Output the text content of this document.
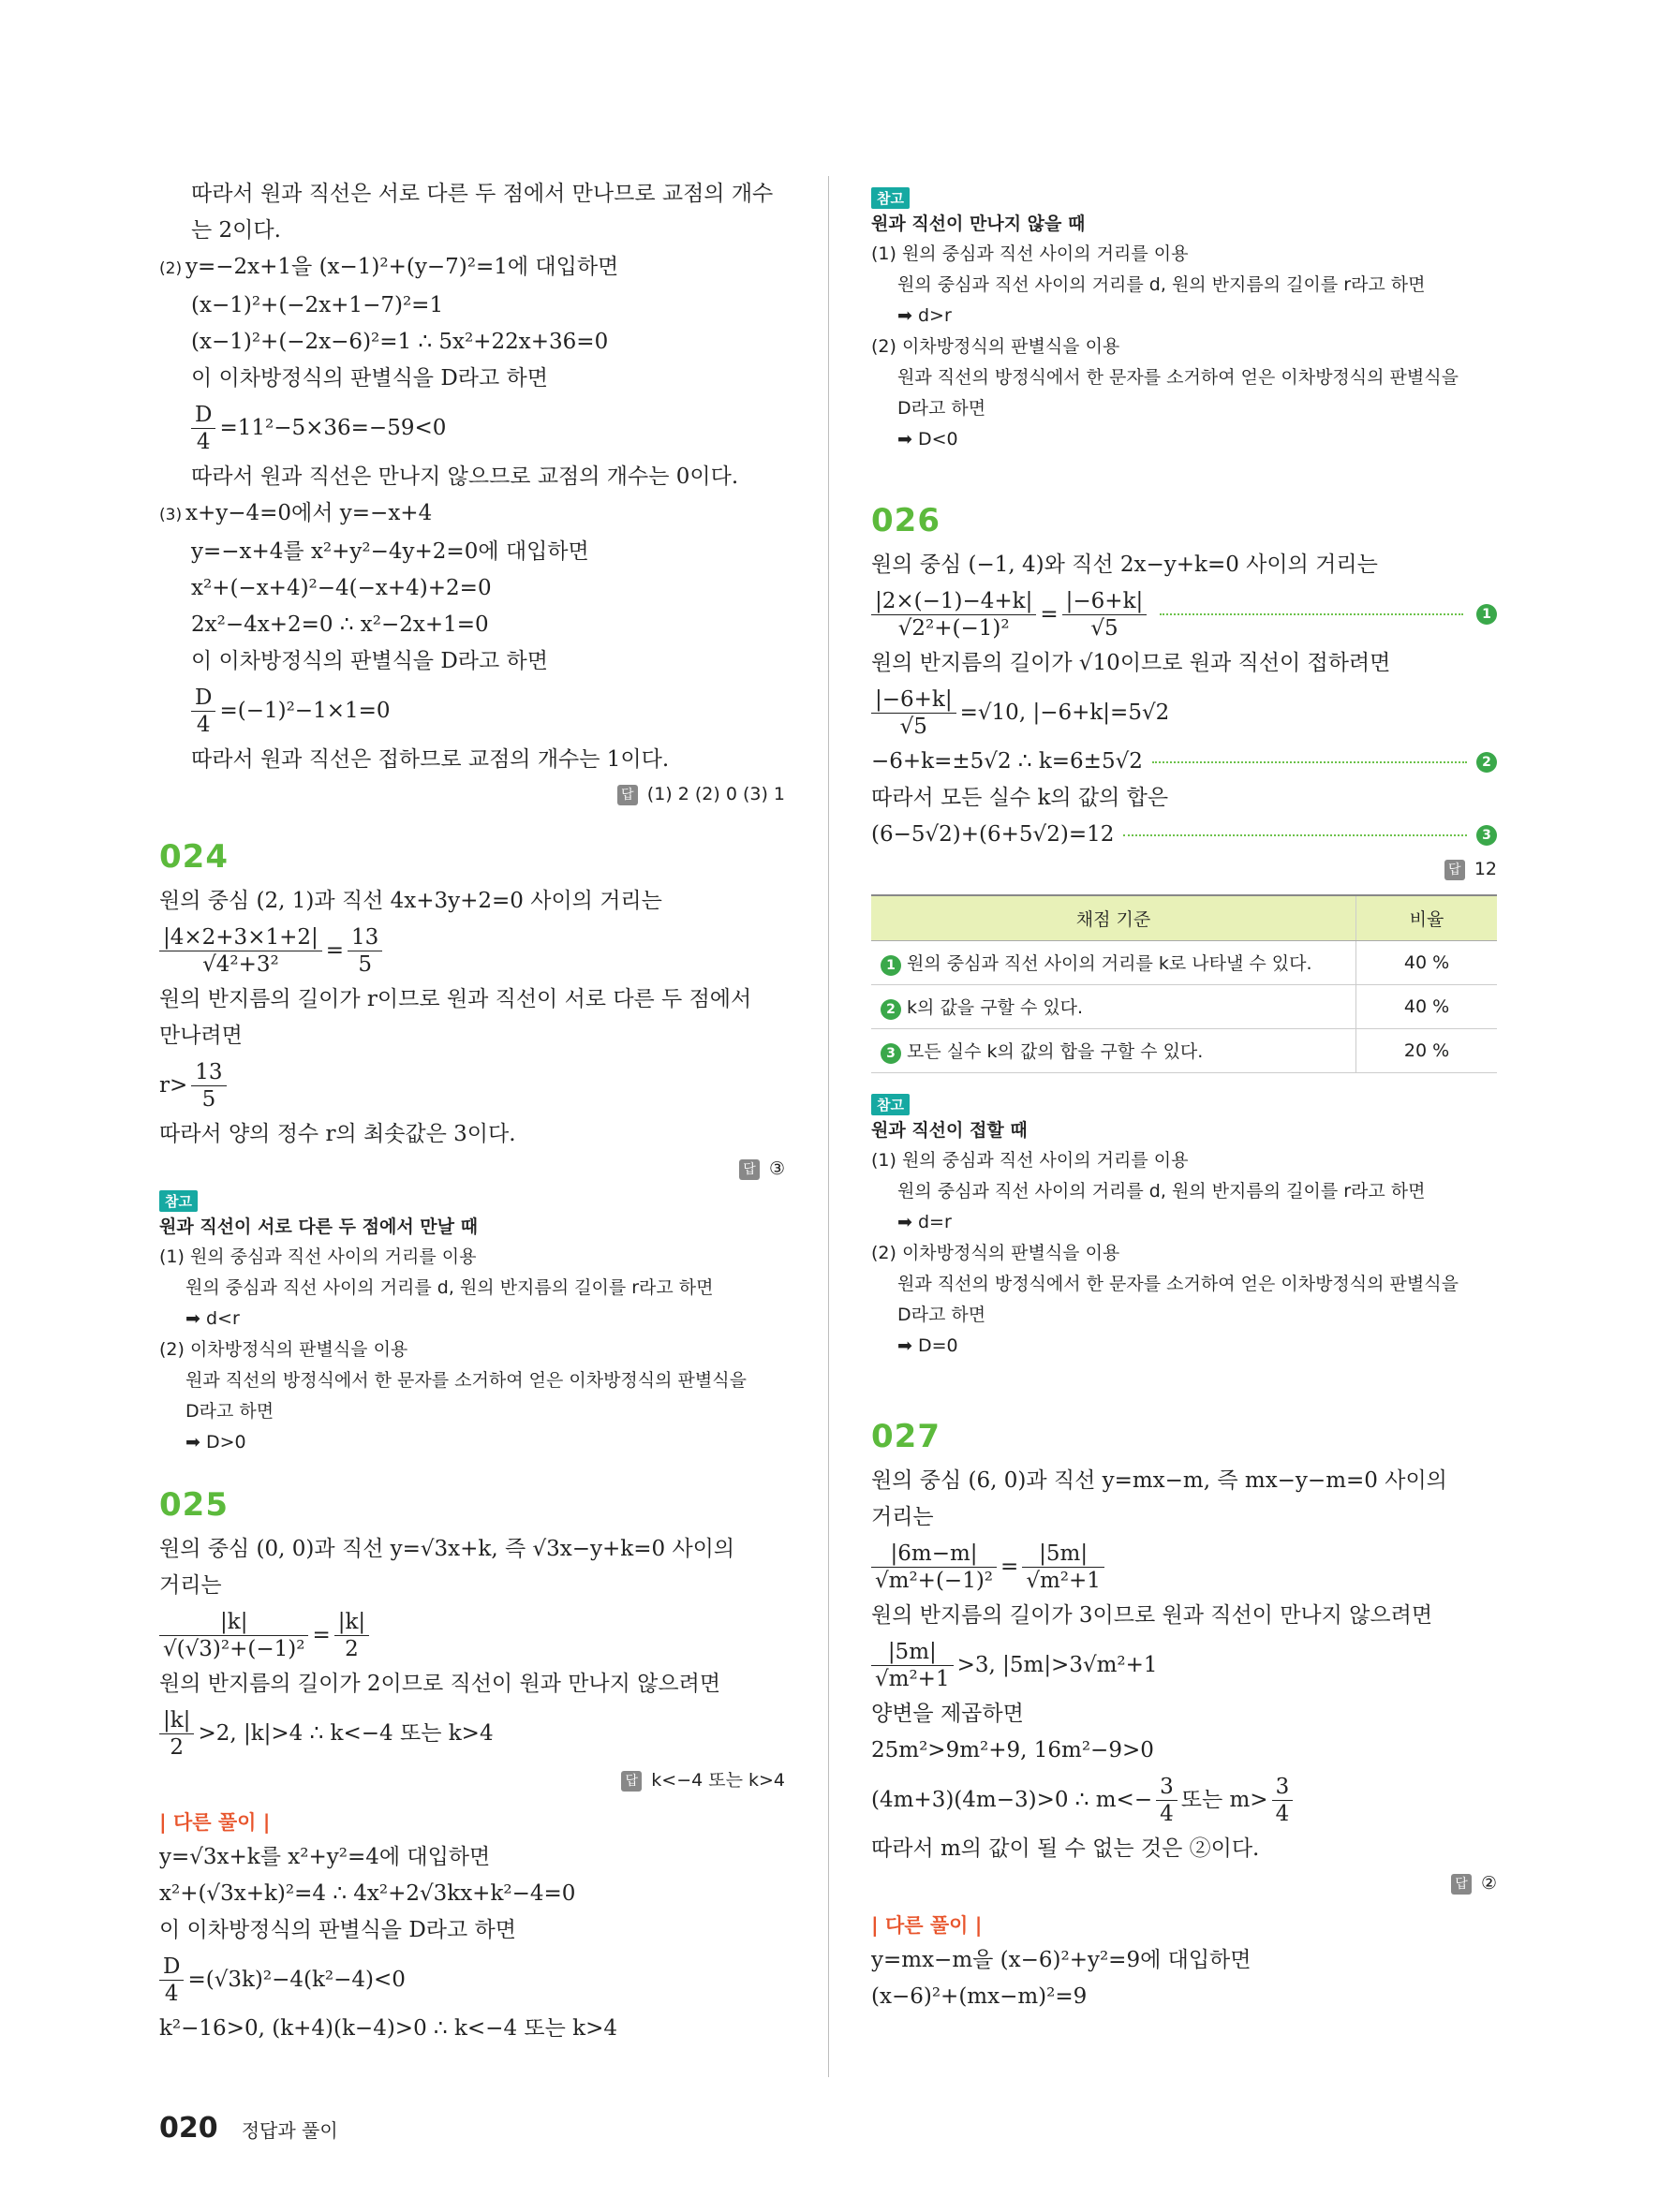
따라서 원과 직선은 서로 다른 두 점에서 만나므로 교점의 개수
는 2이다.
(2) y=−2x+1을 (x−1)²+(y−7)²=1에 대입하면
(x−1)²+(−2x+1−7)²=1
(x−1)²+(−2x−6)²=1 ∴ 5x²+22x+36=0
이 이차방정식의 판별식을 D라고 하면
$\frac{D}{4} =11^2-5\times 36=-59<0$
따라서 원과 직선은 만나지 않으므로 교점의 개수는 0이다.
(3) x+y−4=0에서 y=−x+4
y=−x+4를 x²+y²−4y+2=0에 대입하면
x²+(−x+4)²−4(−x+4)+2=0
2x²−4x+2=0 ∴ x²−2x+1=0
이 이차방정식의 판별식을 D라고 하면
$\frac{D}{4} =(-1)^2-1\times 1=0$
따라서 원과 직선은 접하므로 교점의 개수는 1이다.
답 (1) 2 (2) 0 (3) 1
024
원의 중심 (2, 1)과 직선 4x+3y+2=0 사이의 거리는
$\frac{|4\times 2+3\times 1+2|}{\text{√4²+3²}} = \frac{13}{5}$
원의 반지름의 길이가 r이므로 원과 직선이 서로 다른 두 점에서
만나려면
$r> \frac{13}{5}$
따라서 양의 정수 r의 최솟값은 3이다.
답 ③
참고
원과 직선이 서로 다른 두 점에서 만날 때
(1) 원의 중심과 직선 사이의 거리를 이용
원의 중심과 직선 사이의 거리를 d, 원의 반지름의 길이를 r라고 하면
➡ d<r
(2) 이차방정식의 판별식을 이용
원과 직선의 방정식에서 한 문자를 소거하여 얻은 이차방정식의 판별식을
D라고 하면
➡ D>0
025
원의 중심 (0, 0)과 직선 y=√3x+k, 즉 √3x−y+k=0 사이의
거리는
$\frac{|k|}{\text{√(√3)²+(−1)²}} = \frac{|k|}{2}$
원의 반지름의 길이가 2이므로 직선이 원과 만나지 않으려면
$\frac{|k|}{2} >2$, |k|>4 ∴ k<−4 또는 k>4
답 k<−4 또는 k>4
| 다른 풀이 |
y=√3x+k를 x²+y²=4에 대입하면
x²+(√3x+k)²=4 ∴ 4x²+2√3kx+k²−4=0
이 이차방정식의 판별식을 D라고 하면
$\frac{D}{4} =(√3k)^2-4(k^2-4)<0$
k²−16>0, (k+4)(k−4)>0 ∴ k<−4 또는 k>4
참고
원과 직선이 만나지 않을 때
(1) 원의 중심과 직선 사이의 거리를 이용
원의 중심과 직선 사이의 거리를 d, 원의 반지름의 길이를 r라고 하면
➡ d>r
(2) 이차방정식의 판별식을 이용
원과 직선의 방정식에서 한 문자를 소거하여 얻은 이차방정식의 판별식을
D라고 하면
➡ D<0
026
원의 중심 (−1, 4)와 직선 2x−y+k=0 사이의 거리는
$\frac{|2\times(-1)-4+k|}{\text{√2²+(−1)²}} = \frac{|-6+k|}{√5}$	1
원의 반지름의 길이가 √10이므로 원과 직선이 접하려면
$\frac{|-6+k|}{√5} =√10$, |−6+k|=5√2
−6+k=±5√2 ∴ k=6±5√2	2
따라서 모든 실수 k의 값의 합은
(6−5√2)+(6+5√2)=12	3
답 12
채점 기준	비율
1 원의 중심과 직선 사이의 거리를 k로 나타낼 수 있다.	40 %
2 k의 값을 구할 수 있다.	40 %
3 모든 실수 k의 값의 합을 구할 수 있다.	20 %
참고
원과 직선이 접할 때
(1) 원의 중심과 직선 사이의 거리를 이용
원의 중심과 직선 사이의 거리를 d, 원의 반지름의 길이를 r라고 하면
➡ d=r
(2) 이차방정식의 판별식을 이용
원과 직선의 방정식에서 한 문자를 소거하여 얻은 이차방정식의 판별식을
D라고 하면
➡ D=0
027
원의 중심 (6, 0)과 직선 y=mx−m, 즉 mx−y−m=0 사이의
거리는
$\frac{|6m-m|}{\text{√m²+(−1)²}} = \frac{|5m|}{\text{√m²+1}}$
원의 반지름의 길이가 3이므로 원과 직선이 만나지 않으려면
$\frac{|5m|}{\text{√m²+1}} >3$, |5m|>3√m²+1
양변을 제곱하면
25m²>9m²+9, 16m²−9>0
(4m+3)(4m−3)>0 ∴ $m<- \frac{3}{4}$ 또는 $m> \frac{3}{4}$
따라서 m의 값이 될 수 없는 것은 ②이다.
답 ②
| 다른 풀이 |
y=mx−m을 (x−6)²+y²=9에 대입하면
(x−6)²+(mx−m)²=9
020 정답과 풀이
